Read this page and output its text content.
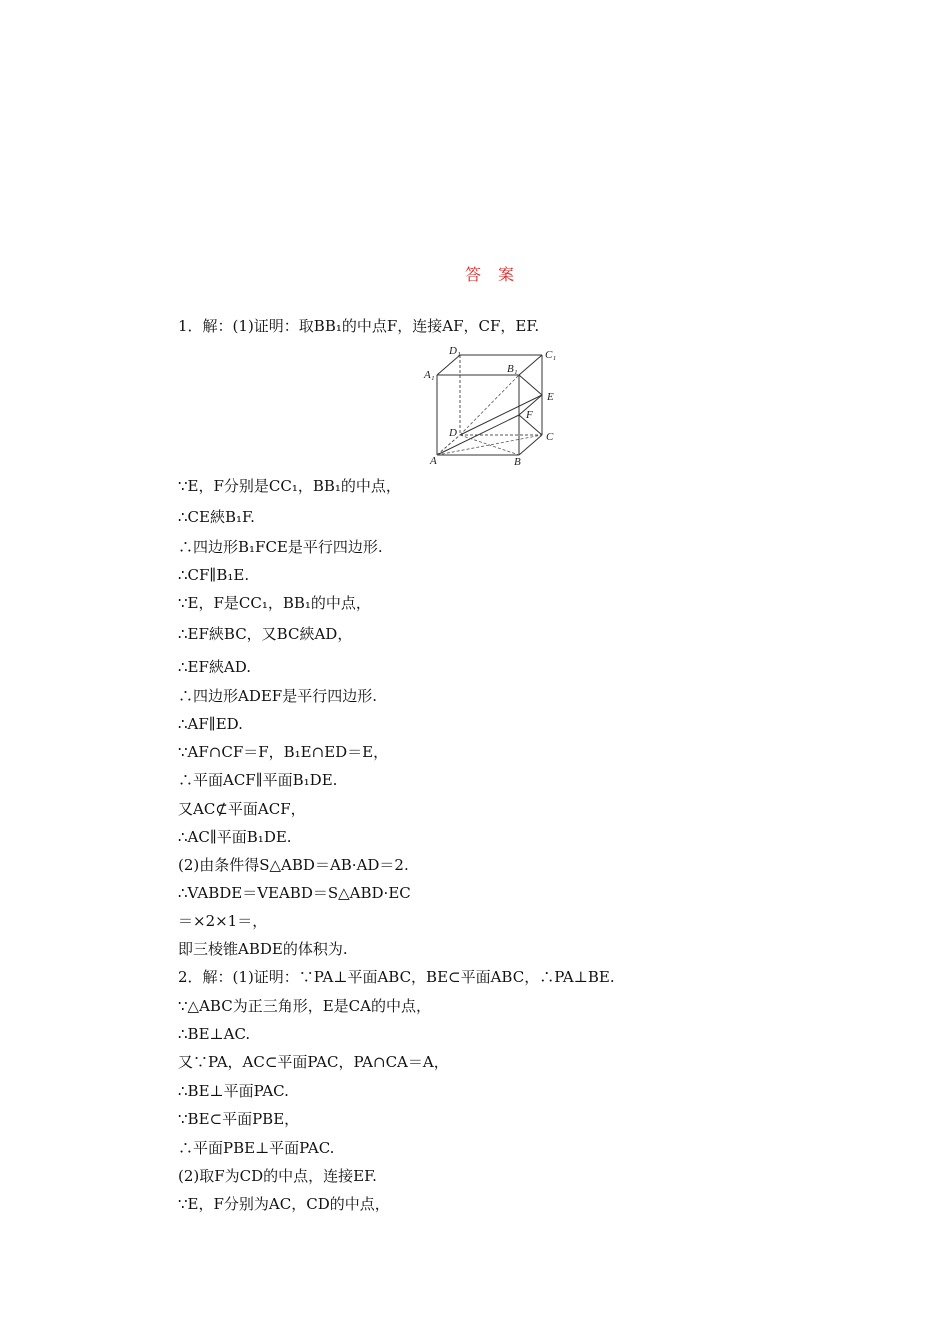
答 案
1．解：(1)证明：取BB₁的中点F，连接AF，CF，EF.
D₁	C₁
A₁	B₁
E
F
D	C
A	B
∵E，F分别是CC₁，BB₁的中点，
∴CE綊B₁F.
∴四边形B₁FCE是平行四边形.
∴CF∥B₁E.
∵E，F是CC₁，BB₁的中点，
∴EF綊BC，又BC綊AD，
∴EF綊AD.
∴四边形ADEF是平行四边形.
∴AF∥ED.
∵AF∩CF＝F，B₁E∩ED＝E，
∴平面ACF∥平面B₁DE.
又AC⊄平面ACF，
∴AC∥平面B₁DE.
(2)由条件得S△ABD＝AB·AD＝2.
∴VABDE＝VEABD＝S△ABD·EC
＝×2×1＝，
即三棱锥ABDE的体积为.
2．解：(1)证明：∵PA⊥平面ABC，BE⊂平面ABC，∴PA⊥BE.
∵△ABC为正三角形，E是CA的中点，
∴BE⊥AC.
又∵PA，AC⊂平面PAC，PA∩CA＝A，
∴BE⊥平面PAC.
∵BE⊂平面PBE，
∴平面PBE⊥平面PAC.
(2)取F为CD的中点，连接EF.
∵E，F分别为AC，CD的中点，
